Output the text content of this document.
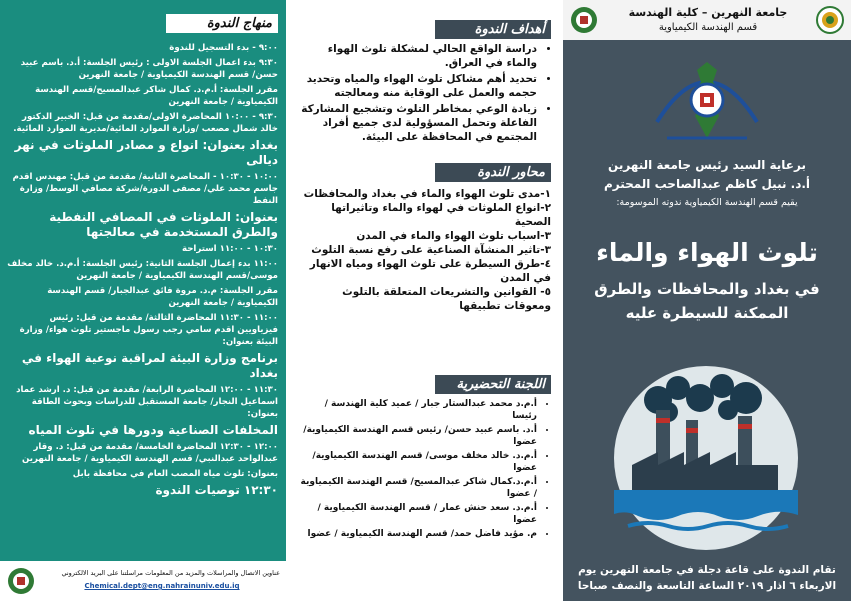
منهاج الندوة

٩:٠٠ - بدء التسجيل للندوة

٩:٣٠ بدء اعمال الجلسة الاولى : رئيس الجلسة: أ.د. باسم عبيد حسن/ قسم الهندسة الكيمياوية / جامعة النهرين

مقرر الجلسة: أ.م.د. كمال شاكر عبدالمسيح/قسم الهندسة الكيمياوية / جامعة النهرين

٩:٣٠ - ١٠:٠٠ المحاضرة الاولى/مقدمة من قبل: الخبير الدكتور خالد شمال مصعب /وزارة الموارد المائية/مديرية الموارد المائية.

بغداد بعنوان: انواع و مصادر الملوثات في نهر ديالى

١٠:٠٠ - ١٠:٣٠ - المحاضرة الثانية/ مقدمة من قبل: مهندس اقدم جاسم محمد علي/ مصفى الدورة/شركة مصافي الوسط/ وزارة النفط

بعنوان: الملوثات في المصافي النفطية والطرق المستخدمة في معالجتها

١٠:٣٠ - ١١:٠٠ استراحة

١١:٠٠ بدء إعمال الجلسة الثانية: رئيس الجلسة: أ.م.د. خالد مخلف موسى/قسم الهندسة الكيمياوية / جامعة النهرين

مقرر الجلسة: م.د. مروة فائق عبدالجبار/ قسم الهندسة الكيمياوية / جامعة النهرين

١١:٠٠ - ١١:٣٠ المحاضرة الثالثة/ مقدمة من قبل: رئيس فيزياويين اقدم سامي رجب رسول ماجستير تلوث هواء/ وزارة البيئة بعنوان:

برنامج وزارة البيئة لمراقبة نوعية الهواء في بغداد

١١:٣٠ - ١٢:٠٠ المحاضرة الرابعة/ مقدمة من قبل: د. ارشد عماد اسماعيل النجار/ جامعة المستقبل للدراسات وبحوث الطاقة بعنوان:

المخلفات الصناعية ودورها في تلوث المياه

١٢:٠٠ - ١٢:٣٠ المحاضرة الخامسة/ مقدمة من قبل: د. وقار عبدالواحد عبدالنبي/ قسم الهندسة الكيمياوية / جامعة النهرين

بعنوان: تلوث مياه المصب العام في محافظة بابل

١٢:٣٠ توصيات الندوة

عناوين الاتصال والمراسلات والمزيد من المعلومات مراسلتنا على البريد الالكتروني
Chemical.dept@eng.nahrainuniv.edu.iq
أهداف الندوة
• دراسة الواقع الحالي لمشكلة تلوث الهواء والماء في العراق.
• تحديد أهم مشاكل تلوث الهواء والمياه وتحديد حجمه والعمل على الوقاية منه ومعالجته
• زيادة الوعي بمخاطر التلوث وتشجيع المشاركة الفاعلة وتحمل المسؤولية لدى جميع أفراد المجتمع في المحافظة على البيئة.
محاور الندوة

١-مدى تلوث الهواء والماء في بغداد والمحافظات

٢-انواع الملوثات في لهواء والماء وتاثيراتها الصحية

٣-اسباب تلوث الهواء والماء في المدن

٣-تاثير المنشآة الصناعية على رفع نسبة التلوث

٤-طرق السيطرة على تلوث الهواء ومياه الانهار في المدن

٥- القوانين والتشريعات المتعلقة بالتلوث ومعوقات تطبيقها

اللجنة التحضيرية
• أ.م.د محمد عبدالستار جبار / عميد كلية الهندسة / رئيسا
• أ.د. باسم عبيد حسن/ رئيس قسم الهندسة الكيمياوية/ عضوا
• أ.م.د. خالد مخلف موسى/ قسم الهندسة الكيمياوية/ عضوا
• أ.م.د.كمال شاكر عبدالمسيح/ قسم الهندسة الكيمياوية / عضوا
• أ.م.د. سعد حنش عمار / قسم الهندسة الكيمياوية / عضوا
• م. مؤيد فاضل حمد/ قسم الهندسة الكيمياوية / عضوا
جامعة النهرين – كلية الهندسة
قسم الهندسة الكيمياوية
برعاية السيد رئيس جامعة النهرين
أ.د. نبيل كاظم عبدالصاحب المحترم
يقيم قسم الهندسة الكيمياوية ندوته الموسومة:
تلوث الهواء والماء
في بغداد والمحافظات والطرق
الممكنة للسيطرة عليه
تقام الندوة على قاعة دجلة في جامعة النهرين يوم
الاربعاء ٦ اذار ٢٠١٩ الساعة التاسعة والنصف صباحا
